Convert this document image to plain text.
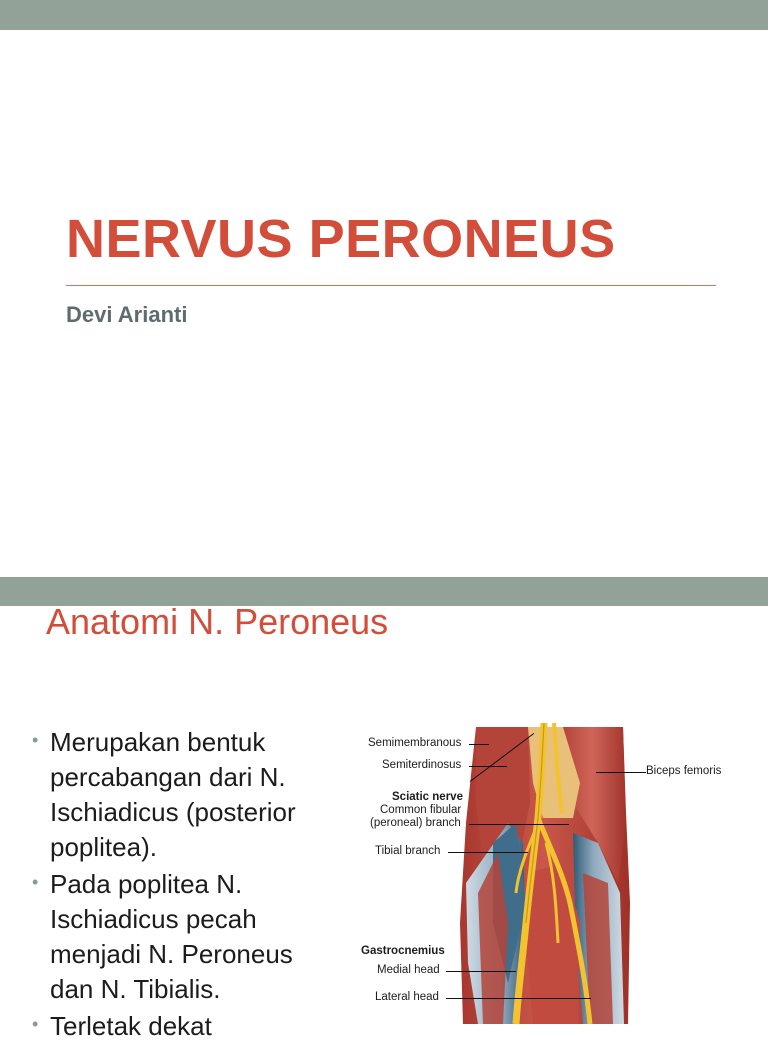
NERVUS PERONEUS

Devi Arianti

Anatomi N. Peroneus
• Merupakan bentuk percabangan dari N. Ischiadicus (posterior poplitea).
• Pada poplitea N. Ischiadicus pecah menjadi N. Peroneus dan N. Tibialis.
• Terletak dekat
Semimembranous
Semiterdinosus
Sciatic nerve
Common fibular
(peroneal) branch
Tibial branch
Gastrocnemius
Medial head
Lateral head
Biceps femoris
